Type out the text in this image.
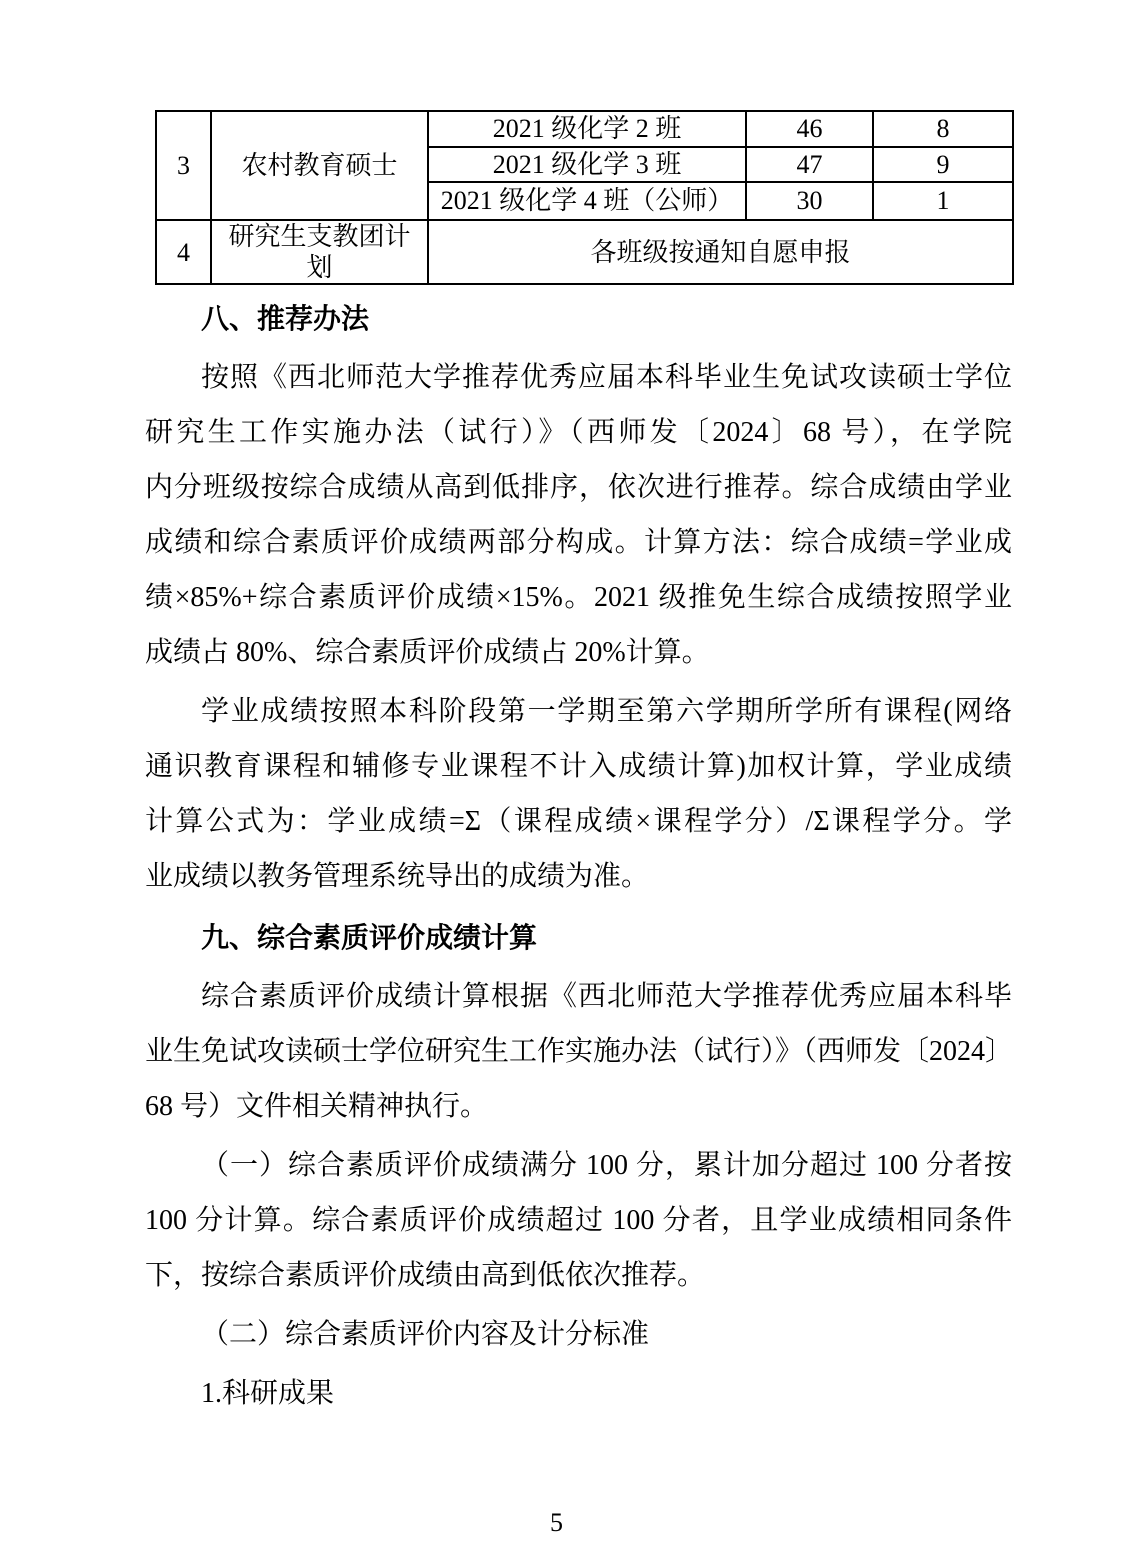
3	农村教育硕士	2021 级化学 2 班	46	8
		2021 级化学 3 班	47	9
		2021 级化学 4 班（公师）	30	1
4	研究生支教团计划	各班级按通知自愿申报		
八、推荐办法
按照《西北师范大学推荐优秀应届本科毕业生免试攻读硕士学位
研究生工作实施办法（试行）》（西师发〔2024〕68 号），在学院
内分班级按综合成绩从高到低排序，依次进行推荐。综合成绩由学业
成绩和综合素质评价成绩两部分构成。计算方法：综合成绩=学业成
绩×85%+综合素质评价成绩×15%。2021 级推免生综合成绩按照学业
成绩占 80%、综合素质评价成绩占 20%计算。
学业成绩按照本科阶段第一学期至第六学期所学所有课程(网络
通识教育课程和辅修专业课程不计入成绩计算)加权计算，学业成绩
计算公式为：学业成绩=Σ（课程成绩×课程学分）/Σ课程学分。学
业成绩以教务管理系统导出的成绩为准。
九、综合素质评价成绩计算
综合素质评价成绩计算根据《西北师范大学推荐优秀应届本科毕
业生免试攻读硕士学位研究生工作实施办法（试行）》（西师发〔2024〕
68 号）文件相关精神执行。
（一）综合素质评价成绩满分 100 分，累计加分超过 100 分者按
100 分计算。综合素质评价成绩超过 100 分者，且学业成绩相同条件
下，按综合素质评价成绩由高到低依次推荐。
（二）综合素质评价内容及计分标准
1.科研成果
5
